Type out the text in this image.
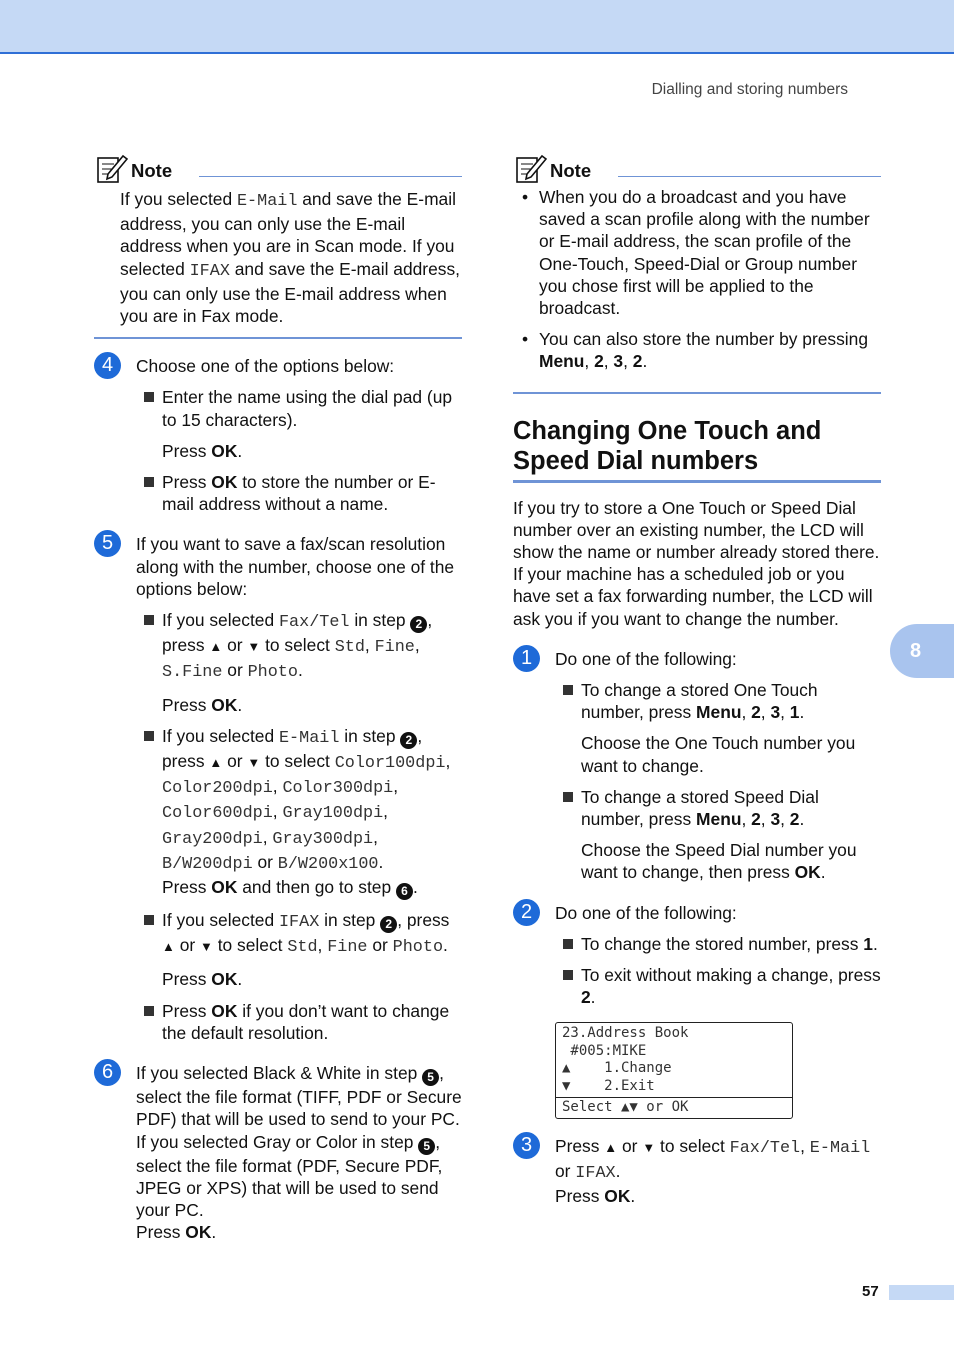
Dialling and storing numbers
Note

If you selected E-Mail and save the E-mail address, you can only use the E-mail address when you are in Scan mode. If you selected IFAX and save the E-mail address, you can only use the E-mail address when you are in Fax mode.

4	Choose one of the options below:

Enter the name using the dial pad (up to 15 characters).

Press OK.

Press OK to store the number or E-mail address without a name.

5	If you want to save a fax/scan resolution along with the number, choose one of the options below:

If you selected Fax/Tel in step 2 , press ▲ or ▼ to select Std, Fine, S.Fine or Photo.

Press OK.

If you selected E-Mail in step 2 , press ▲ or ▼ to select Color100dpi, Color200dpi, Color300dpi, Color600dpi, Gray100dpi, Gray200dpi, Gray300dpi, B/W200dpi or B/W200x100.

Press OK and then go to step 6 .

If you selected IFAX in step 2 , press ▲ or ▼ to select Std, Fine or Photo.

Press OK.

Press OK if you don’t want to change the default resolution.

6	If you selected Black & White in step 5 , select the file format (TIFF, PDF or Secure PDF) that will be used to send to your PC. If you selected Gray or Color in step 5 , select the file format (PDF, Secure PDF, JPEG or XPS) that will be used to send your PC.

Press OK.

Note
• When you do a broadcast and you have saved a scan profile along with the number or E-mail address, the scan profile of the One-Touch, Speed-Dial or Group number you chose first will be applied to the broadcast.
• You can also store the number by pressing Menu, 2, 3, 2.
Changing One Touch and Speed Dial numbers

If you try to store a One Touch or Speed Dial number over an existing number, the LCD will show the name or number already stored there. If your machine has a scheduled job or you have set a fax forwarding number, the LCD will ask you if you want to change the number.

1	Do one of the following:

To change a stored One Touch number, press Menu, 2, 3, 1.

Choose the One Touch number you want to change.

To change a stored Speed Dial number, press Menu, 2, 3, 2.

Choose the Speed Dial number you want to change, then press OK.

2	Do one of the following:

To change the stored number, press 1.

To exit without making a change, press 2.

23.Address Book
#005:MIKE
▲    1.Change
▼    2.Exit
Select ▲▼ or OK
3	Press ▲ or ▼ to select Fax/Tel, E-Mail or IFAX.

Press OK.

8
57
